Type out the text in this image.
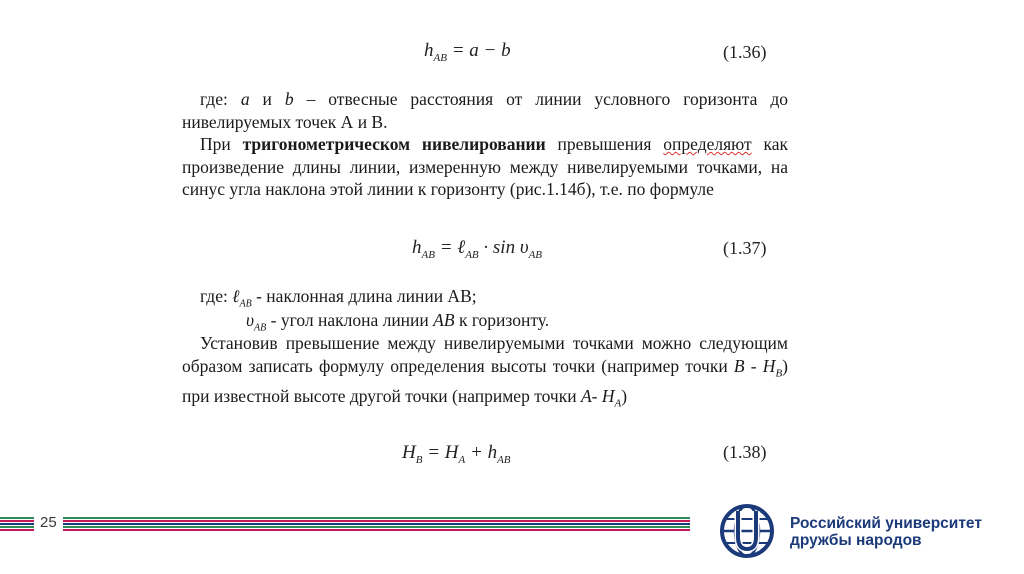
$h_{AB} = a - b$	(1.36)

где: a и b – отвесные расстояния от линии условного горизонта до нивелируемых точек А и В.

При тригонометрическом нивелировании превышения определяют как произведение длины линии, измеренную между нивелируемыми точками, на синус угла наклона этой линии к горизонту (рис.1.14б), т.е. по формуле

$h_{AB}$ = ℓ$_{AB}$ · $\sin \upsilon_{AB}$	(1.37)
где: ℓ$_{AB}$ - наклонная длина линии АВ;
$\upsilon_{AB}$ - угол наклона линии АВ к горизонту.

Установив превышение между нивелируемыми точками можно следующим образом записать формулу определения высоты точки (например точки В - $Н_В$) при известной высоте другой точки (например точки А- $Н_А$)

$H_B = H_A + h_{AB}$	(1.38)
25	Российский университет
дружбы народов
